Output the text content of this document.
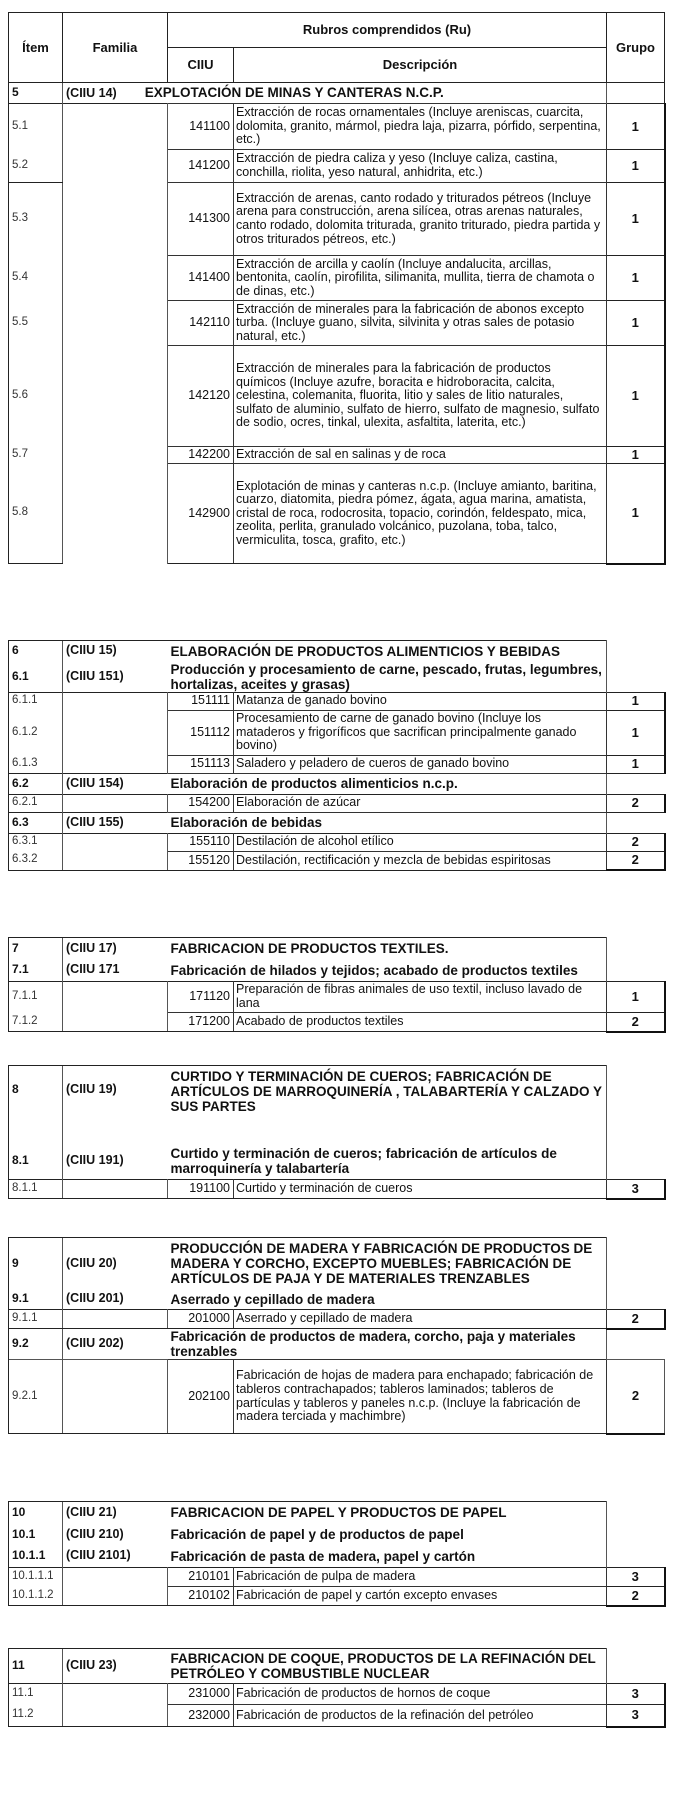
Ítem	Familia	Rubros comprendidos (Ru)		Grupo
		CIIU	Descripción	
5	(CIIU 14) EXPLOTACIÓN DE MINAS Y CANTERAS N.C.P.			
5.1		141100	Extracción de rocas ornamentales (Incluye areniscas, cuarcita, dolomita, granito, mármol, piedra laja, pizarra, pórfido, serpentina, etc.)	1
5.2		141200	Extracción de piedra caliza y yeso (Incluye caliza, castina, conchilla, riolita, yeso natural, anhidrita, etc.)	1
5.3		141300	Extracción de arenas, canto rodado y triturados pétreos (Incluye arena para construcción, arena silícea, otras arenas naturales, canto rodado, dolomita triturada, granito triturado, piedra partida y otros triturados pétreos, etc.)	1
5.4		141400	Extracción de arcilla y caolín (Incluye andalucita, arcillas, bentonita, caolín, pirofilita, silimanita, mullita, tierra de chamota o de dinas, etc.)	1
5.5		142110	Extracción de minerales para la fabricación de abonos excepto turba. (Incluye guano, silvita, silvinita y otras sales de potasio natural, etc.)	1
5.6		142120	Extracción de minerales para la fabricación de productos químicos (Incluye azufre, boracita e hidroboracita, calcita, celestina, colemanita, fluorita, litio y sales de litio naturales, sulfato de aluminio, sulfato de hierro, sulfato de magnesio, sulfato de sodio, ocres, tinkal, ulexita, asfaltita, laterita, etc.)	1
5.7		142200	Extracción de sal en salinas y de roca	1
5.8		142900	Explotación de minas y canteras n.c.p. (Incluye amianto, baritina, cuarzo, diatomita, piedra pómez, ágata, agua marina, amatista, cristal de roca, rodocrosita, topacio, corindón, feldespato, mica, zeolita, perlita, granulado volcánico, puzolana, toba, talco, vermiculita, tosca, grafito, etc.)	1
6	(CIIU 15)	ELABORACIÓN DE PRODUCTOS ALIMENTICIOS Y BEBIDAS		
6.1	(CIIU 151)	Producción y procesamiento de carne, pescado, frutas, legumbres, hortalizas, aceites y grasas)		
6.1.1		151111	Matanza de ganado bovino	1
6.1.2		151112	Procesamiento de carne de ganado bovino (Incluye los mataderos y frigoríficos que sacrifican principalmente ganado bovino)	1
6.1.3		151113	Saladero y peladero de cueros de ganado bovino	1
6.2	(CIIU 154)	Elaboración de productos alimenticios n.c.p.		
6.2.1		154200	Elaboración de azúcar	2
6.3	(CIIU 155)	Elaboración de bebidas		
6.3.1		155110	Destilación de alcohol etílico	2
6.3.2		155120	Destilación, rectificación y mezcla de bebidas espiritosas	2
7	(CIIU 17)	FABRICACION DE PRODUCTOS TEXTILES.		
7.1	(CIIU 171	Fabricación de hilados y tejidos; acabado de productos textiles		
7.1.1		171120	Preparación de fibras animales de uso textil, incluso lavado de lana	1
7.1.2		171200	Acabado de productos textiles	2
8	(CIIU 19)	CURTIDO Y TERMINACIÓN DE CUEROS; FABRICACIÓN DE ARTÍCULOS DE MARROQUINERÍA , TALABARTERÍA Y CALZADO Y SUS PARTES		
8.1	(CIIU 191)	Curtido y terminación de cueros; fabricación de artículos de marroquinería y talabartería		
8.1.1		191100	Curtido y terminación de cueros	3
9	(CIIU 20)	PRODUCCIÓN DE MADERA Y FABRICACIÓN DE PRODUCTOS DE MADERA Y CORCHO, EXCEPTO MUEBLES; FABRICACIÓN DE ARTÍCULOS DE PAJA Y DE MATERIALES TRENZABLES		
9.1	(CIIU 201)	Aserrado y cepillado de madera		
9.1.1		201000	Aserrado y cepillado de madera	2
9.2	(CIIU 202)	Fabricación de productos de madera, corcho, paja y materiales trenzables		
9.2.1		202100	Fabricación de hojas de madera para enchapado; fabricación de tableros contrachapados; tableros laminados; tableros de partículas y tableros y paneles n.c.p. (Incluye la fabricación de madera terciada y machimbre)	2
10	(CIIU 21)	FABRICACION DE PAPEL Y PRODUCTOS DE PAPEL		
10.1	(CIIU 210)	Fabricación de papel y de productos de papel		
10.1.1	(CIIU 2101)	Fabricación de pasta de madera, papel y cartón		
10.1.1.1		210101	Fabricación de pulpa de madera	3
10.1.1.2		210102	Fabricación de papel y cartón excepto envases	2
11	(CIIU 23)	FABRICACION DE COQUE, PRODUCTOS DE LA REFINACIÓN DEL PETRÓLEO Y COMBUSTIBLE NUCLEAR		
11.1		231000	Fabricación de productos de hornos de coque	3
11.2		232000	Fabricación de productos de la refinación del petróleo	3
